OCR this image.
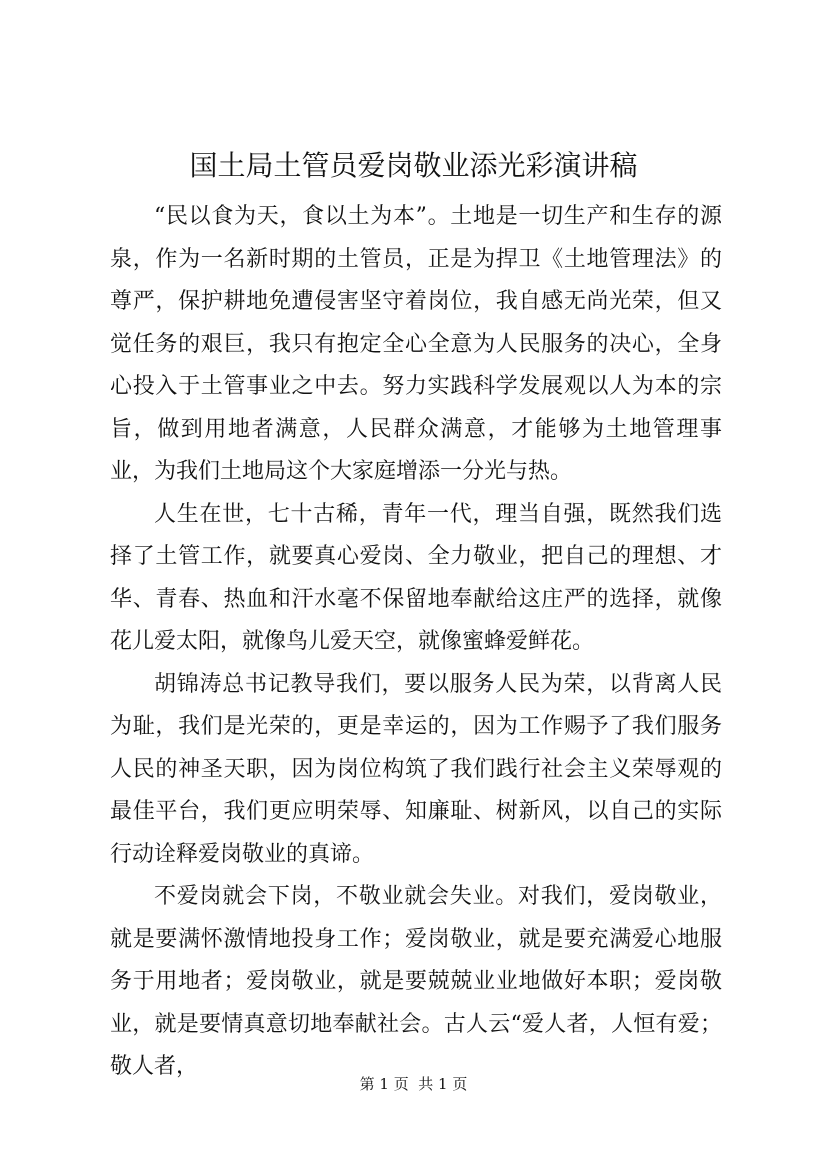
国土局土管员爱岗敬业添光彩演讲稿

“民以食为天，食以土为本”。土地是一切生产和生存的源泉，作为一名新时期的土管员，正是为捍卫《土地管理法》的尊严，保护耕地免遭侵害坚守着岗位，我自感无尚光荣，但又觉任务的艰巨，我只有抱定全心全意为人民服务的决心，全身心投入于土管事业之中去。努力实践科学发展观以人为本的宗旨，做到用地者满意，人民群众满意，才能够为土地管理事业，为我们土地局这个大家庭增添一分光与热。

人生在世，七十古稀，青年一代，理当自强，既然我们选择了土管工作，就要真心爱岗、全力敬业，把自己的理想、才华、青春、热血和汗水毫不保留地奉献给这庄严的选择，就像花儿爱太阳，就像鸟儿爱天空，就像蜜蜂爱鲜花。

胡锦涛总书记教导我们，要以服务人民为荣，以背离人民为耻，我们是光荣的，更是幸运的，因为工作赐予了我们服务人民的神圣天职，因为岗位构筑了我们践行社会主义荣辱观的最佳平台，我们更应明荣辱、知廉耻、树新风，以自己的实际行动诠释爱岗敬业的真谛。

不爱岗就会下岗，不敬业就会失业。对我们，爱岗敬业，就是要满怀激情地投身工作；爱岗敬业，就是要充满爱心地服务于用地者；爱岗敬业，就是要兢兢业业地做好本职；爱岗敬业，就是要情真意切地奉献社会。古人云“爱人者，人恒有爱；敬人者，

第 1 页  共 1 页
